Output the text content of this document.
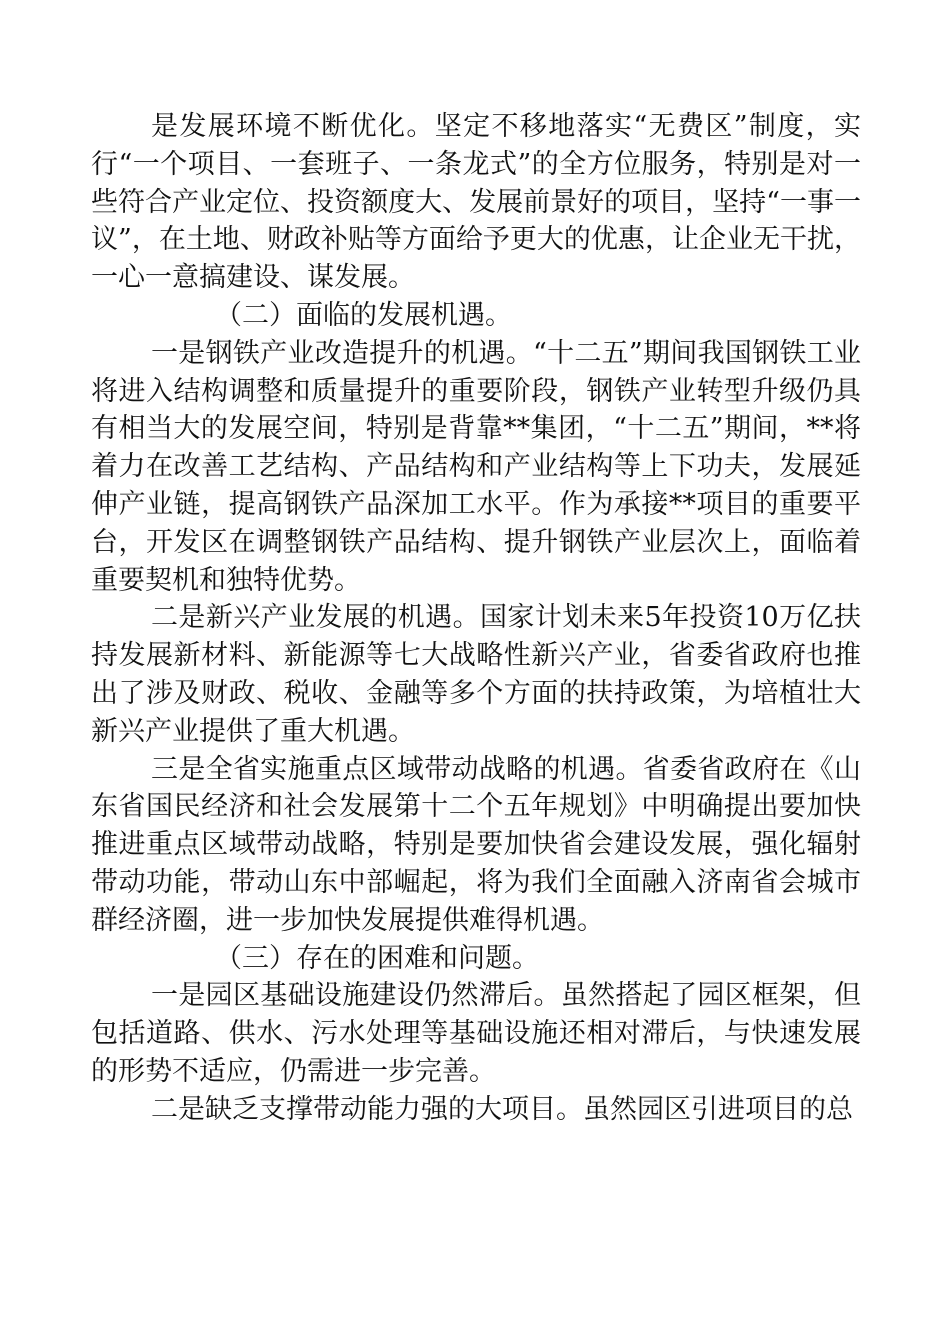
是发展环境不断优化。坚定不移地落实“无费区”制度，实行“一个项目、一套班子、一条龙式”的全方位服务，特别是对一些符合产业定位、投资额度大、发展前景好的项目，坚持“一事一议”，在土地、财政补贴等方面给予更大的优惠，让企业无干扰，一心一意搞建设、谋发展。

（二）面临的发展机遇。

一是钢铁产业改造提升的机遇。“十二五”期间我国钢铁工业将进入结构调整和质量提升的重要阶段，钢铁产业转型升级仍具有相当大的发展空间，特别是背靠**集团，“十二五”期间，**将着力在改善工艺结构、产品结构和产业结构等上下功夫，发展延伸产业链，提高钢铁产品深加工水平。作为承接**项目的重要平台，开发区在调整钢铁产品结构、提升钢铁产业层次上，面临着重要契机和独特优势。

二是新兴产业发展的机遇。国家计划未来5年投资10万亿扶持发展新材料、新能源等七大战略性新兴产业，省委省政府也推出了涉及财政、税收、金融等多个方面的扶持政策，为培植壮大新兴产业提供了重大机遇。

三是全省实施重点区域带动战略的机遇。省委省政府在《山东省国民经济和社会发展第十二个五年规划》中明确提出要加快推进重点区域带动战略，特别是要加快省会建设发展，强化辐射带动功能，带动山东中部崛起，将为我们全面融入济南省会城市群经济圈，进一步加快发展提供难得机遇。

（三）存在的困难和问题。

一是园区基础设施建设仍然滞后。虽然搭起了园区框架，但包括道路、供水、污水处理等基础设施还相对滞后，与快速发展的形势不适应，仍需进一步完善。

二是缺乏支撑带动能力强的大项目。虽然园区引进项目的总
